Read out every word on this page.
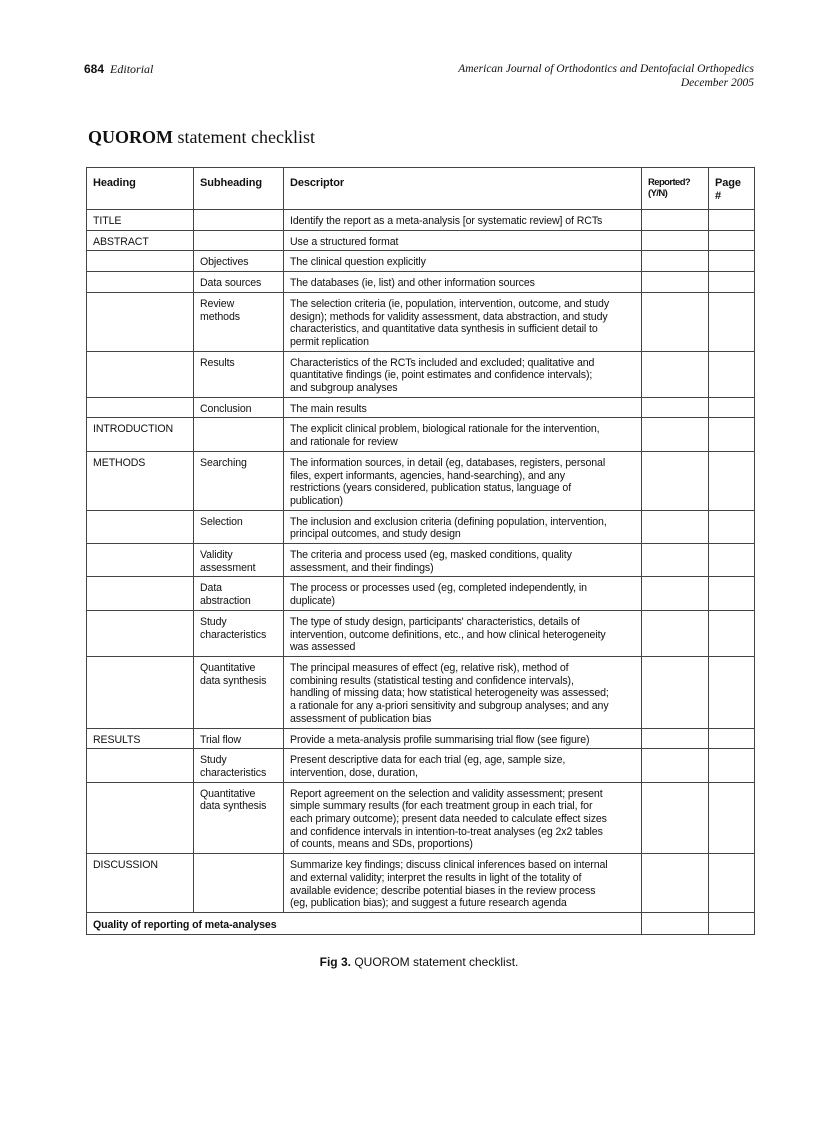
684 Editorial	American Journal of Orthodontics and Dentofacial Orthopedics
December 2005
QUOROM statement checklist
Heading	Subheading	Descriptor	Reported?
(Y/N)	Page
#
TITLE		Identify the report as a meta-analysis [or systematic review] of RCTs		
ABSTRACT		Use a structured format		
	Objectives	The clinical question explicitly		
	Data sources	The databases (ie, list) and other information sources		
	Review
methods	The selection criteria (ie, population, intervention, outcome, and study
design); methods for validity assessment, data abstraction, and study
characteristics, and quantitative data synthesis in sufficient detail to
permit replication		
	Results	Characteristics of the RCTs included and excluded; qualitative and
quantitative findings (ie, point estimates and confidence intervals);
and subgroup analyses		
	Conclusion	The main results		
INTRODUCTION		The explicit clinical problem, biological rationale for the intervention,
and rationale for review		
METHODS	Searching	The information sources, in detail (eg, databases, registers, personal
files, expert informants, agencies, hand-searching), and any
restrictions (years considered, publication status, language of
publication)		
	Selection	The inclusion and exclusion criteria (defining population, intervention,
principal outcomes, and study design		
	Validity
assessment	The criteria and process used (eg, masked conditions, quality
assessment, and their findings)		
	Data
abstraction	The process or processes used (eg, completed independently, in
duplicate)		
	Study
characteristics	The type of study design, participants' characteristics, details of
intervention, outcome definitions, etc., and how clinical heterogeneity
was assessed		
	Quantitative
data synthesis	The principal measures of effect (eg, relative risk), method of
combining results (statistical testing and confidence intervals),
handling of missing data; how statistical heterogeneity was assessed;
a rationale for any a-priori sensitivity and subgroup analyses; and any
assessment of publication bias		
RESULTS	Trial flow	Provide a meta-analysis profile summarising trial flow (see figure)		
	Study
characteristics	Present descriptive data for each trial (eg, age, sample size,
intervention, dose, duration,		
	Quantitative
data synthesis	Report agreement on the selection and validity assessment; present
simple summary results (for each treatment group in each trial, for
each primary outcome); present data needed to calculate effect sizes
and confidence intervals in intention-to-treat analyses (eg 2x2 tables
of counts, means and SDs, proportions)		
DISCUSSION		Summarize key findings; discuss clinical inferences based on internal
and external validity; interpret the results in light of the totality of
available evidence; describe potential biases in the review process
(eg, publication bias); and suggest a future research agenda		
Quality of reporting of meta-analyses				
Fig 3. QUOROM statement checklist.
